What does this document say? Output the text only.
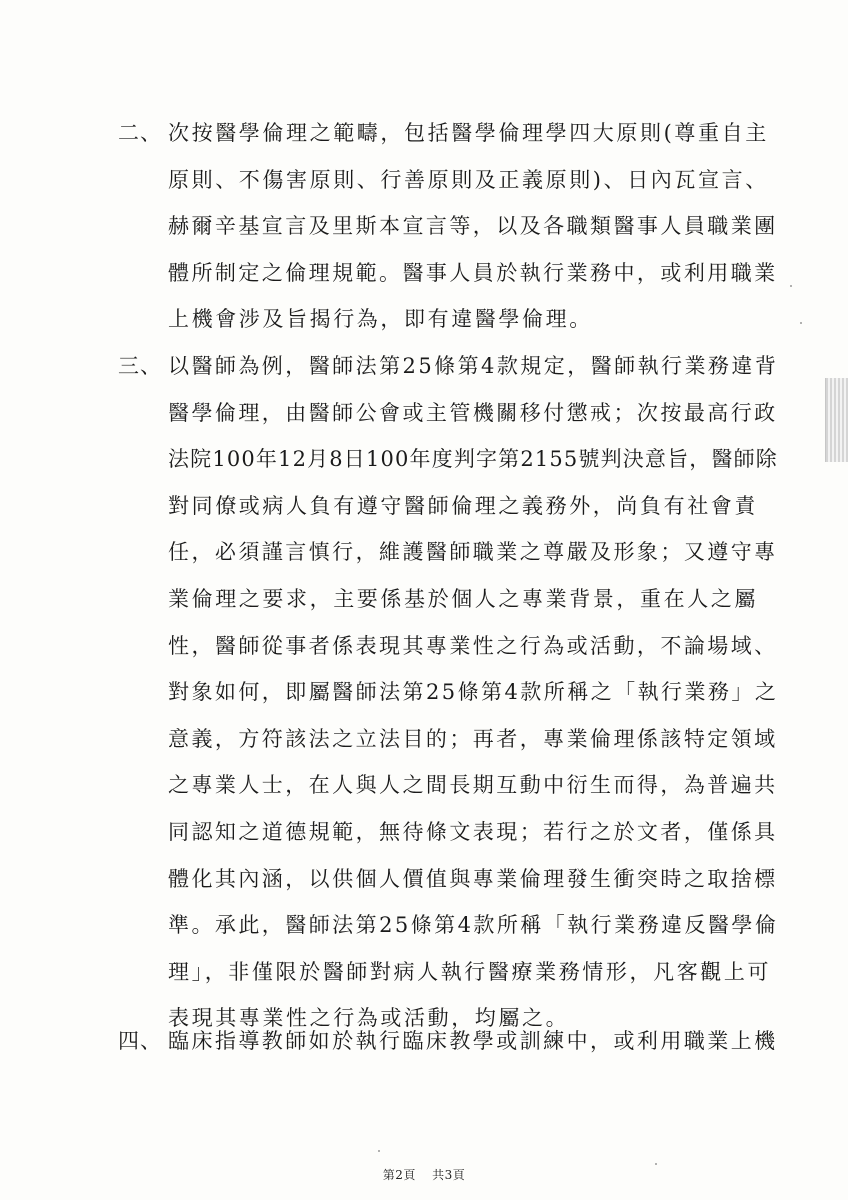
二、 次按醫學倫理之範疇，包括醫學倫理學四大原則(尊重自主
原則、不傷害原則、行善原則及正義原則)、日內瓦宣言、
赫爾辛基宣言及里斯本宣言等，以及各職類醫事人員職業團
體所制定之倫理規範。醫事人員於執行業務中，或利用職業
上機會涉及旨揭行為，即有違醫學倫理。
三、 以醫師為例，醫師法第25條第4款規定，醫師執行業務違背
醫學倫理，由醫師公會或主管機關移付懲戒；次按最高行政
法院100年12月8日100年度判字第2155號判決意旨，醫師除
對同僚或病人負有遵守醫師倫理之義務外，尚負有社會責
任，必須謹言慎行，維護醫師職業之尊嚴及形象；又遵守專
業倫理之要求，主要係基於個人之專業背景，重在人之屬
性，醫師從事者係表現其專業性之行為或活動，不論場域、
對象如何，即屬醫師法第25條第4款所稱之「執行業務」之
意義，方符該法之立法目的；再者，專業倫理係該特定領域
之專業人士，在人與人之間長期互動中衍生而得，為普遍共
同認知之道德規範，無待條文表現；若行之於文者，僅係具
體化其內涵，以供個人價值與專業倫理發生衝突時之取捨標
準。承此，醫師法第25條第4款所稱「執行業務違反醫學倫
理」，非僅限於醫師對病人執行醫療業務情形，凡客觀上可
表現其專業性之行為或活動，均屬之。
四、 臨床指導教師如於執行臨床教學或訓練中，或利用職業上機
第2頁 共3頁
